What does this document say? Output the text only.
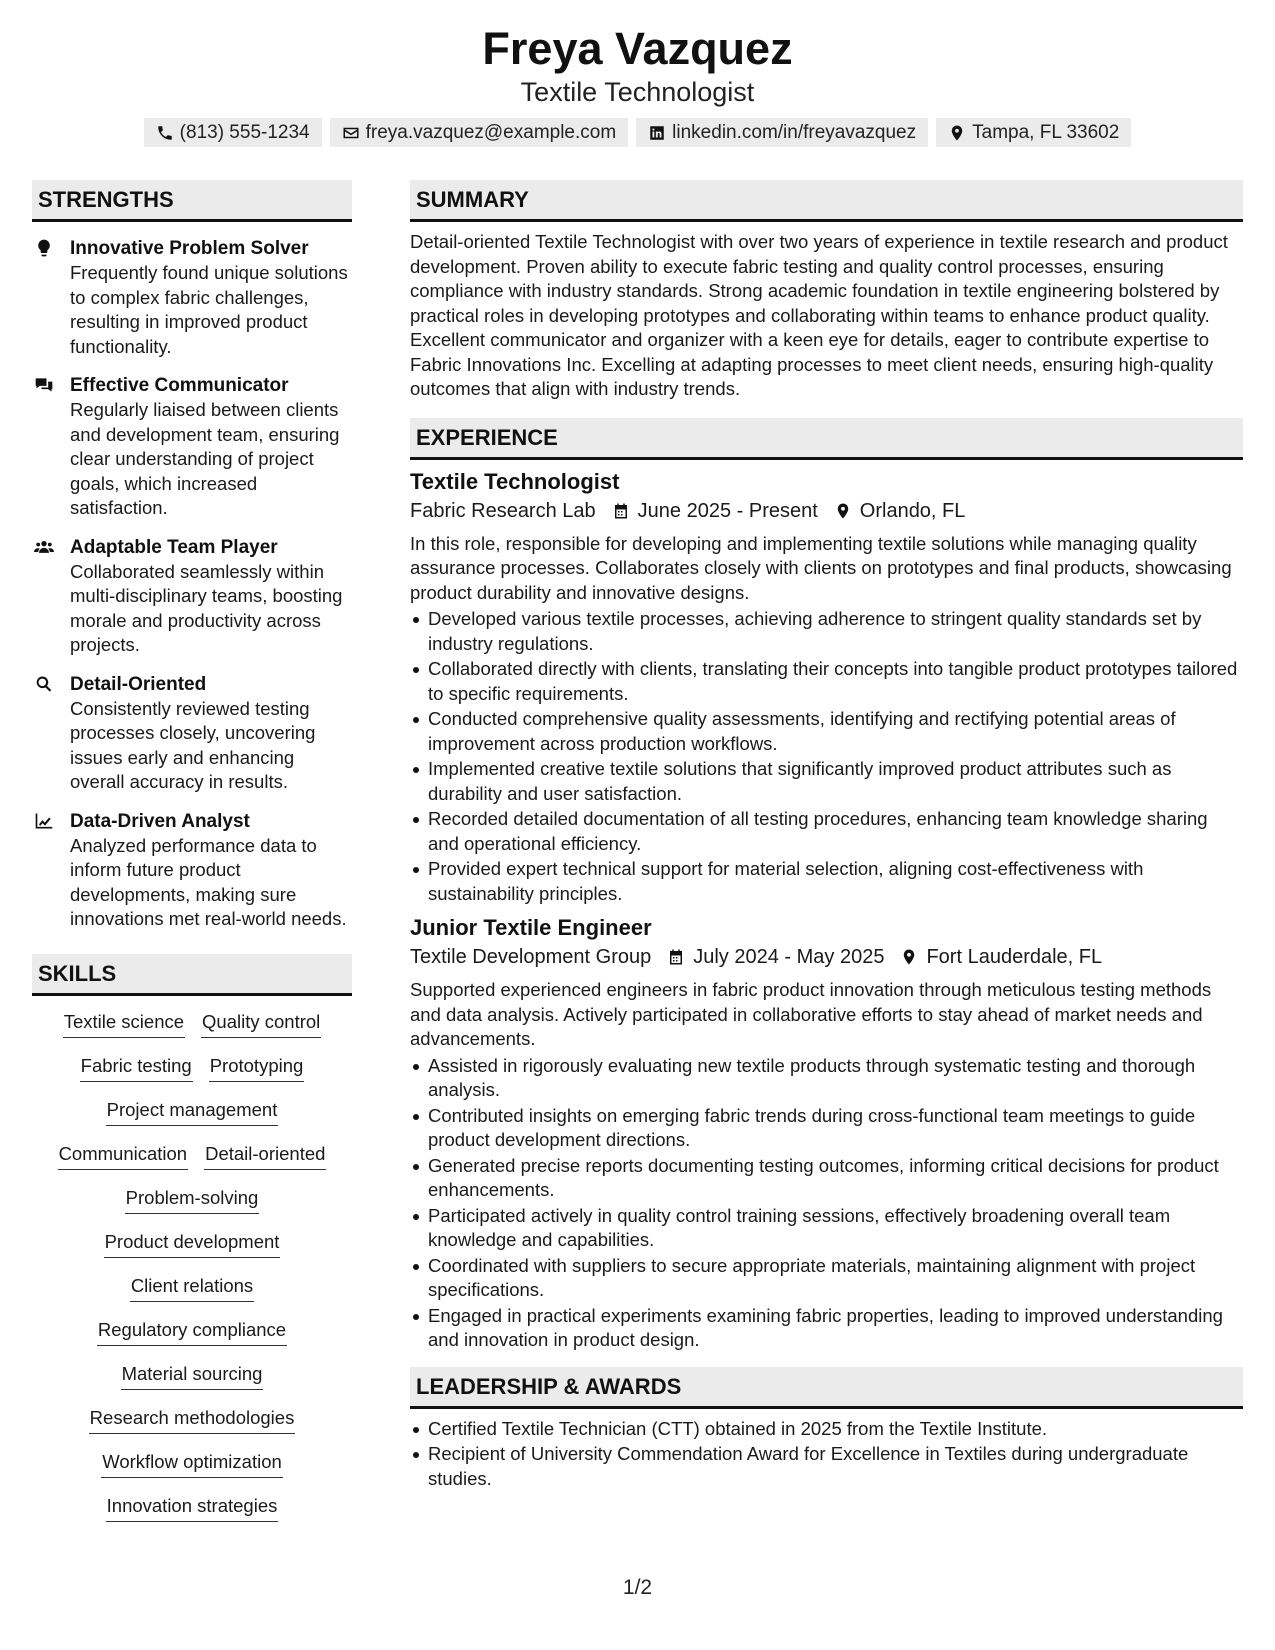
Freya Vazquez
Textile Technologist
(813) 555-1234	freya.vazquez@example.com	linkedin.com/in/freyavazquez	Tampa, FL 33602
STRENGTHS
Innovative Problem Solver
Frequently found unique solutions to complex fabric challenges, resulting in improved product functionality.
Effective Communicator
Regularly liaised between clients and development team, ensuring clear understanding of project goals, which increased satisfaction.
Adaptable Team Player
Collaborated seamlessly within multi-disciplinary teams, boosting morale and productivity across projects.
Detail-Oriented
Consistently reviewed testing processes closely, uncovering issues early and enhancing overall accuracy in results.
Data-Driven Analyst
Analyzed performance data to inform future product developments, making sure innovations met real-world needs.
SKILLS
Textile science Quality control
Fabric testing Prototyping
Project management
Communication Detail-oriented
Problem-solving
Product development
Client relations
Regulatory compliance
Material sourcing
Research methodologies
Workflow optimization
Innovation strategies
SUMMARY
Detail-oriented Textile Technologist with over two years of experience in textile research and product development. Proven ability to execute fabric testing and quality control processes, ensuring compliance with industry standards. Strong academic foundation in textile engineering bolstered by practical roles in developing prototypes and collaborating within teams to enhance product quality. Excellent communicator and organizer with a keen eye for details, eager to contribute expertise to Fabric Innovations Inc. Excelling at adapting processes to meet client needs, ensuring high-quality outcomes that align with industry trends.
EXPERIENCE
Textile Technologist
Fabric Research Lab June 2025 - Present Orlando, FL
In this role, responsible for developing and implementing textile solutions while managing quality assurance processes. Collaborates closely with clients on prototypes and final products, showcasing product durability and innovative designs.
Developed various textile processes, achieving adherence to stringent quality standards set by industry regulations.
Collaborated directly with clients, translating their concepts into tangible product prototypes tailored to specific requirements.
Conducted comprehensive quality assessments, identifying and rectifying potential areas of improvement across production workflows.
Implemented creative textile solutions that significantly improved product attributes such as durability and user satisfaction.
Recorded detailed documentation of all testing procedures, enhancing team knowledge sharing and operational efficiency.
Provided expert technical support for material selection, aligning cost-effectiveness with sustainability principles.
Junior Textile Engineer
Textile Development Group July 2024 - May 2025 Fort Lauderdale, FL
Supported experienced engineers in fabric product innovation through meticulous testing methods and data analysis. Actively participated in collaborative efforts to stay ahead of market needs and advancements.
Assisted in rigorously evaluating new textile products through systematic testing and thorough analysis.
Contributed insights on emerging fabric trends during cross-functional team meetings to guide product development directions.
Generated precise reports documenting testing outcomes, informing critical decisions for product enhancements.
Participated actively in quality control training sessions, effectively broadening overall team knowledge and capabilities.
Coordinated with suppliers to secure appropriate materials, maintaining alignment with project specifications.
Engaged in practical experiments examining fabric properties, leading to improved understanding and innovation in product design.
LEADERSHIP & AWARDS
Certified Textile Technician (CTT) obtained in 2025 from the Textile Institute.
Recipient of University Commendation Award for Excellence in Textiles during undergraduate studies.
1/2
